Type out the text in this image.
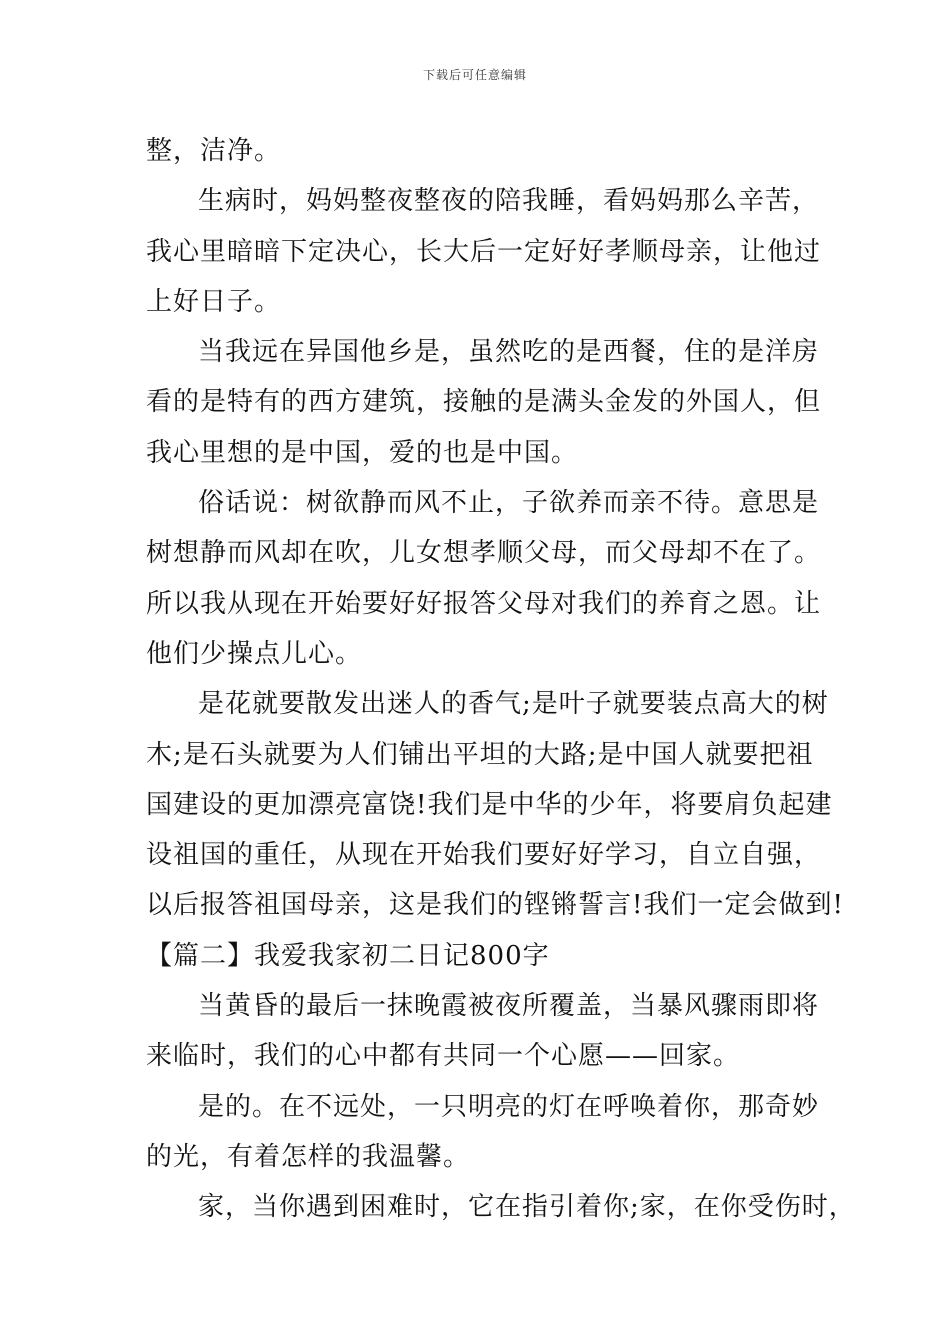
下载后可任意编辑
整，洁净。
生病时，妈妈整夜整夜的陪我睡，看妈妈那么辛苦，
我心里暗暗下定决心，长大后一定好好孝顺母亲，让他过
上好日子。
当我远在异国他乡是，虽然吃的是西餐，住的是洋房
看的是特有的西方建筑，接触的是满头金发的外国人，但
我心里想的是中国，爱的也是中国。
俗话说：树欲静而风不止，子欲养而亲不待。意思是
树想静而风却在吹，儿女想孝顺父母，而父母却不在了。
所以我从现在开始要好好报答父母对我们的养育之恩。让
他们少操点儿心。
是花就要散发出迷人的香气;是叶子就要装点高大的树
木;是石头就要为人们铺出平坦的大路;是中国人就要把祖
国建设的更加漂亮富饶!我们是中华的少年，将要肩负起建
设祖国的重任，从现在开始我们要好好学习，自立自强，
以后报答祖国母亲，这是我们的铿锵誓言!我们一定会做到!
【篇二】我爱我家初二日记800字
当黄昏的最后一抹晚霞被夜所覆盖，当暴风骤雨即将
来临时，我们的心中都有共同一个心愿——回家。
是的。在不远处，一只明亮的灯在呼唤着你，那奇妙
的光，有着怎样的我温馨。
家，当你遇到困难时，它在指引着你;家，在你受伤时，
